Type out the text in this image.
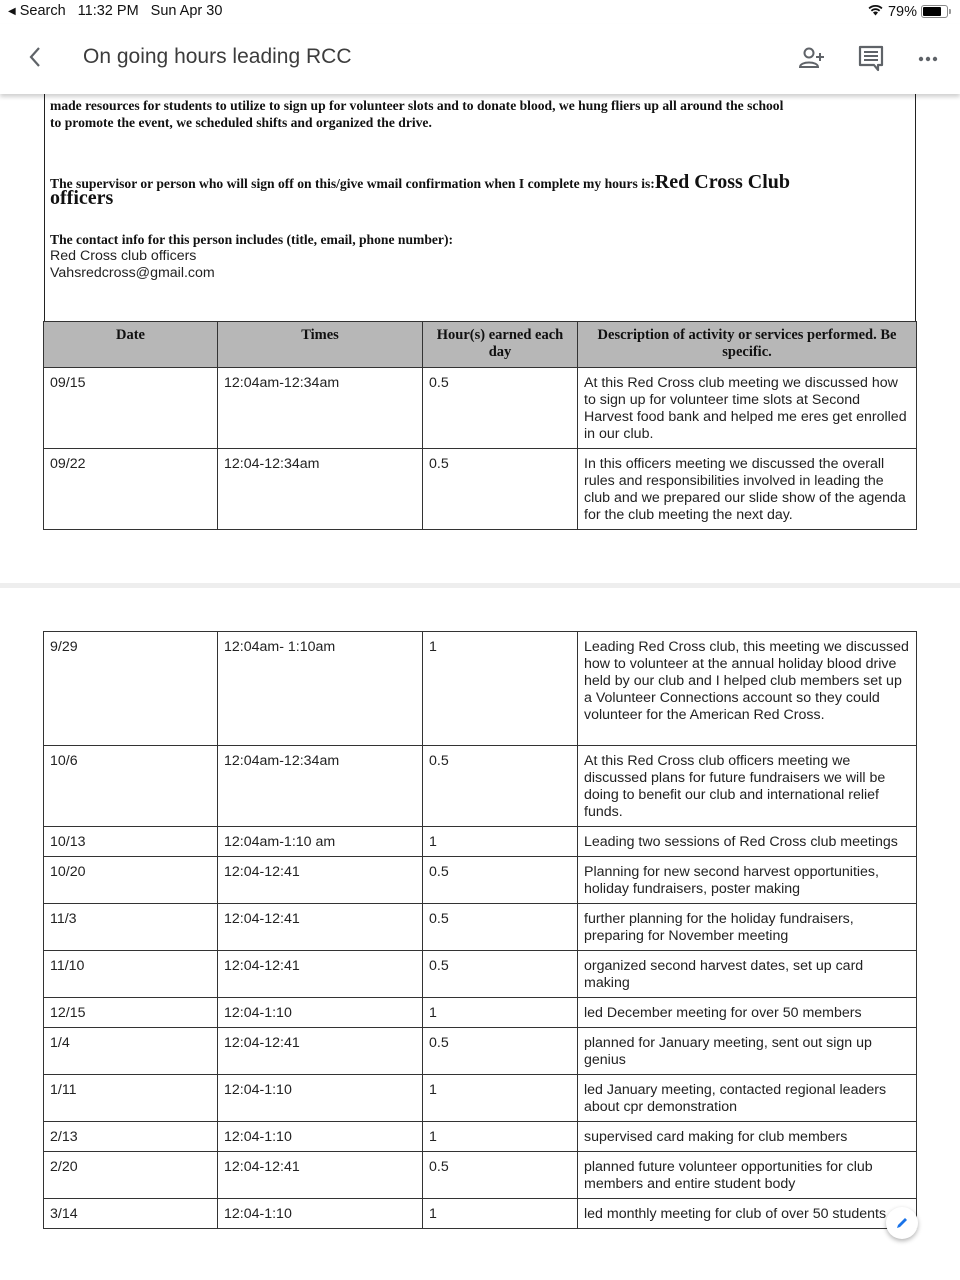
◀ Search 11:32 PM Sun Apr 30	79%
On going hours leading RCC
made resources for students to utilize to sign up for volunteer slots and to donate blood, we hung fliers up all around the school
to promote the event, we scheduled shifts and organized the drive.
The supervisor or person who will sign off on this/give wmail confirmation when I complete my hours is:Red Cross Club
officers
The contact info for this person includes (title, email, phone number):
Red Cross club officers
Vahsredcross@gmail.com
Date	Times	Hour(s) earned each day	Description of activity or services performed. Be specific.
09/15	12:04am-12:34am	0.5	At this Red Cross club meeting we discussed how to sign up for volunteer time slots at Second Harvest food bank and helped me eres get enrolled in our club.
09/22	12:04-12:34am	0.5	In this officers meeting we discussed the overall rules and responsibilities involved in leading the club and we prepared our slide show of the agenda for the club meeting the next day.
9/29	12:04am- 1:10am	1	Leading Red Cross club, this meeting we discussed how to volunteer at the annual holiday blood drive held by our club and I helped club members set up a Volunteer Connections account so they could volunteer for the American Red Cross.
10/6	12:04am-12:34am	0.5	At this Red Cross club officers meeting we discussed plans for future fundraisers we will be doing to benefit our club and international relief funds.
10/13	12:04am-1:10 am	1	Leading two sessions of Red Cross club meetings
10/20	12:04-12:41	0.5	Planning for new second harvest opportunities, holiday fundraisers, poster making
11/3	12:04-12:41	0.5	further planning for the holiday fundraisers, preparing for November meeting
11/10	12:04-12:41	0.5	organized second harvest dates, set up card making
12/15	12:04-1:10	1	led December meeting for over 50 members
1/4	12:04-12:41	0.5	planned for January meeting, sent out sign up genius
1/11	12:04-1:10	1	led January meeting, contacted regional leaders about cpr demonstration
2/13	12:04-1:10	1	supervised card making for club members
2/20	12:04-12:41	0.5	planned future volunteer opportunities for club members and entire student body
3/14	12:04-1:10	1	led monthly meeting for club of over 50 students
